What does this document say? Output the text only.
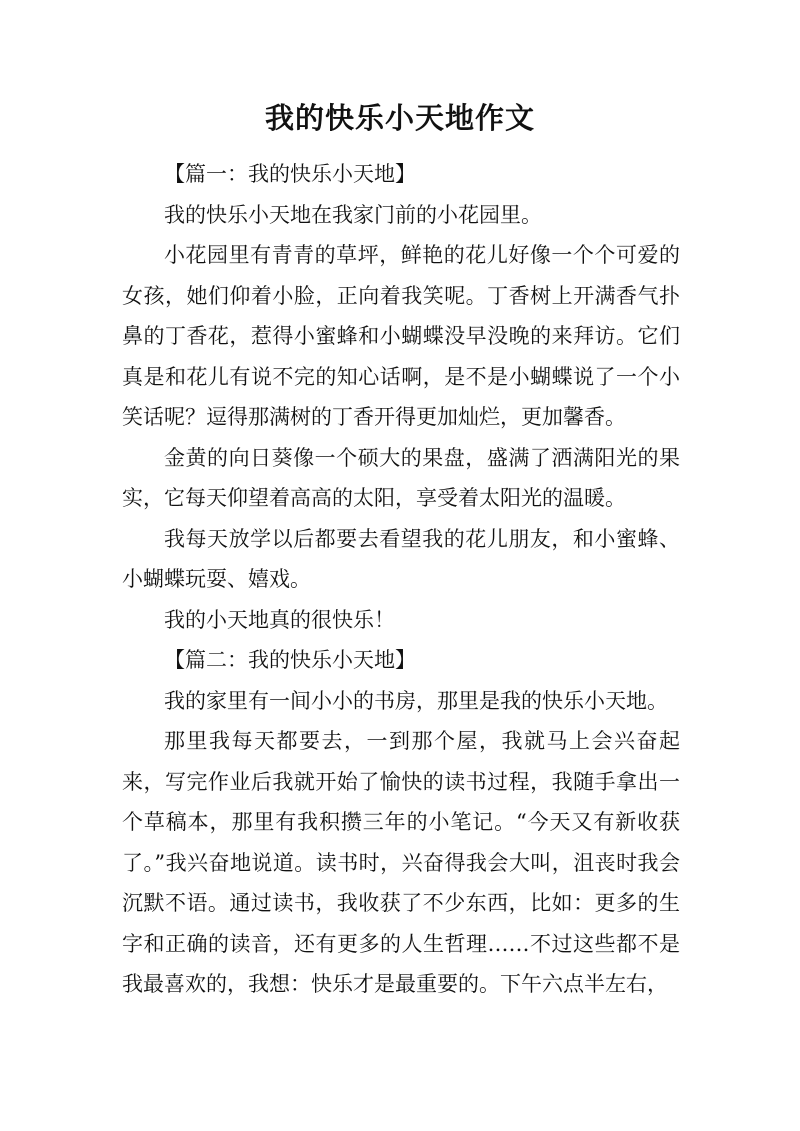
我的快乐小天地作文

【篇一：我的快乐小天地】

我的快乐小天地在我家门前的小花园里。

小花园里有青青的草坪，鲜艳的花儿好像一个个可爱的女孩，她们仰着小脸，正向着我笑呢。丁香树上开满香气扑鼻的丁香花，惹得小蜜蜂和小蝴蝶没早没晚的来拜访。它们真是和花儿有说不完的知心话啊，是不是小蝴蝶说了一个小笑话呢？逗得那满树的丁香开得更加灿烂，更加馨香。

金黄的向日葵像一个硕大的果盘，盛满了洒满阳光的果实，它每天仰望着高高的太阳，享受着太阳光的温暖。

我每天放学以后都要去看望我的花儿朋友，和小蜜蜂、小蝴蝶玩耍、嬉戏。

我的小天地真的很快乐！

【篇二：我的快乐小天地】

我的家里有一间小小的书房，那里是我的快乐小天地。

那里我每天都要去，一到那个屋，我就马上会兴奋起来，写完作业后我就开始了愉快的读书过程，我随手拿出一个草稿本，那里有我积攒三年的小笔记。“今天又有新收获了。”我兴奋地说道。读书时，兴奋得我会大叫，沮丧时我会沉默不语。通过读书，我收获了不少东西，比如：更多的生字和正确的读音，还有更多的人生哲理……不过这些都不是我最喜欢的，我想：快乐才是最重要的。下午六点半左右，
